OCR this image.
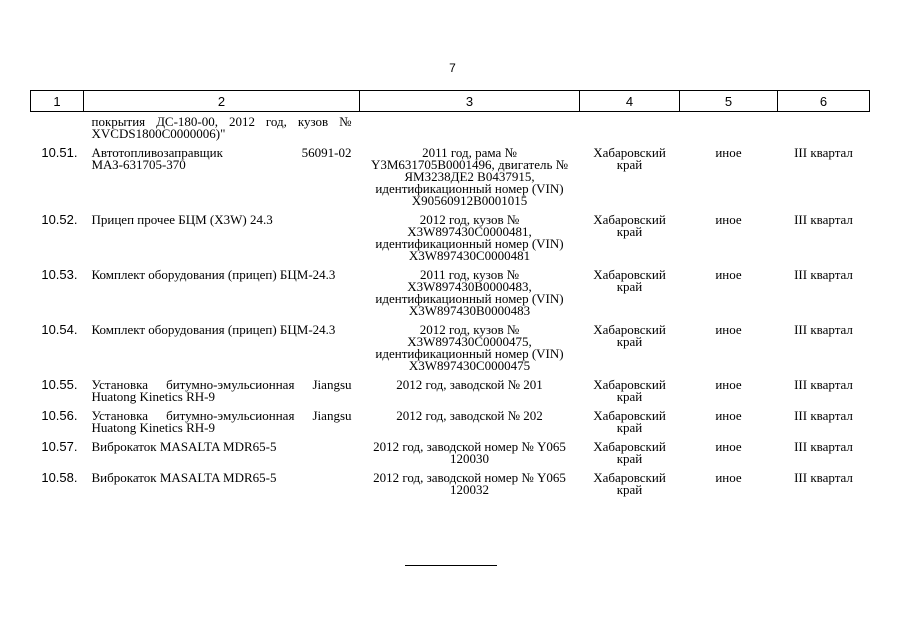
7
1	2	3	4	5	6
	покрытия ДС-180-00, 2012 год, кузов № XVCDS1800C0000006)"				
10.51.	Автотопливозаправщик 56091-02 МАЗ-631705-370	2011 год, рама № Y3M631705B0001496, двигатель № ЯМЗ238ДЕ2 В0437915, идентификационный номер (VIN) X90560912B0001015	Хабаровский край	иное	III квартал
10.52.	Прицеп прочее БЦМ (X3W) 24.3	2012 год, кузов № X3W897430C0000481, идентификационный номер (VIN) X3W897430C0000481	Хабаровский край	иное	III квартал
10.53.	Комплект оборудования (прицеп) БЦМ-24.3	2011 год, кузов № X3W897430B0000483, идентификационный номер (VIN) X3W897430B0000483	Хабаровский край	иное	III квартал
10.54.	Комплект оборудования (прицеп) БЦМ-24.3	2012 год, кузов № X3W897430C0000475, идентификационный номер (VIN) X3W897430C0000475	Хабаровский край	иное	III квартал
10.55.	Установка битумно-эмульсионная Jiangsu Huatong Kinetics RH-9	2012 год, заводской № 201	Хабаровский край	иное	III квартал
10.56.	Установка битумно-эмульсионная Jiangsu Huatong Kinetics RH-9	2012 год, заводской № 202	Хабаровский край	иное	III квартал
10.57.	Виброкаток MASALTA MDR65-5	2012 год, заводской номер № Y065 120030	Хабаровский край	иное	III квартал
10.58.	Виброкаток MASALTA MDR65-5	2012 год, заводской номер № Y065 120032	Хабаровский край	иное	III квартал
